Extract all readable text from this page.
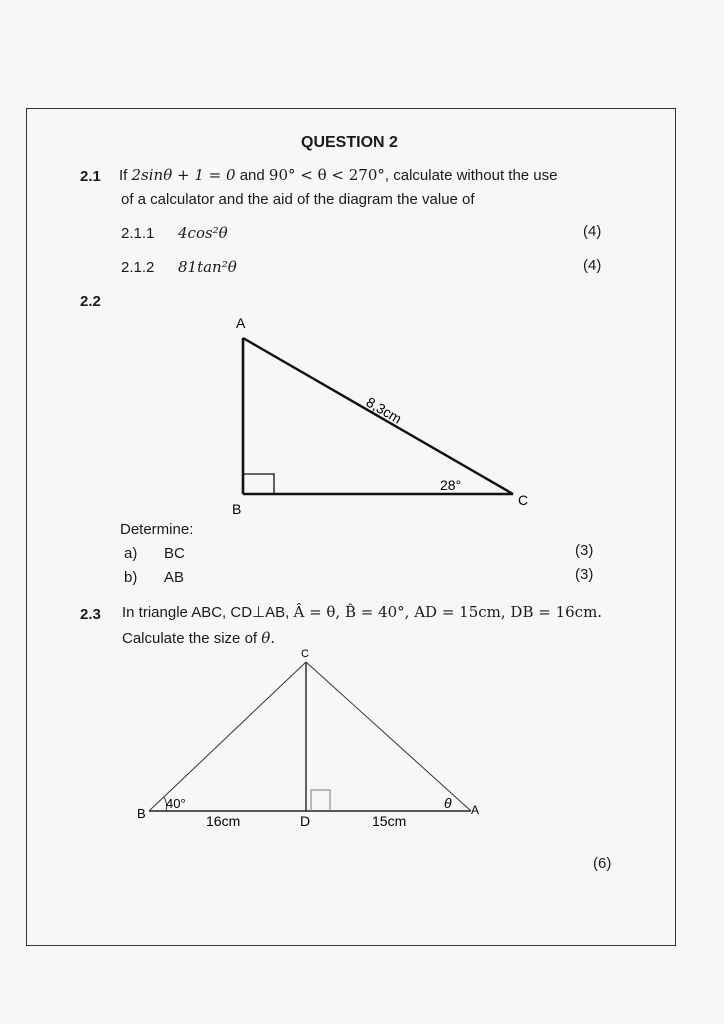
QUESTION 2
2.1 If 2sinθ + 1 = 0 and 90° < θ < 270°, calculate without the use
of a calculator and the aid of the diagram the value of
2.1.1 4cos²θ	(4)
2.1.2 81tan²θ	(4)
2.2
A
B
C
8,3cm
28°
Determine:
a) BC	(3)
b) AB	(3)
2.3 In triangle ABC, CD⊥AB, Â = θ, B̂ = 40°, AD = 15cm, DB = 16cm.
Calculate the size of θ.
C
B	D
A
40°	θ
16cm	15cm
(6)
